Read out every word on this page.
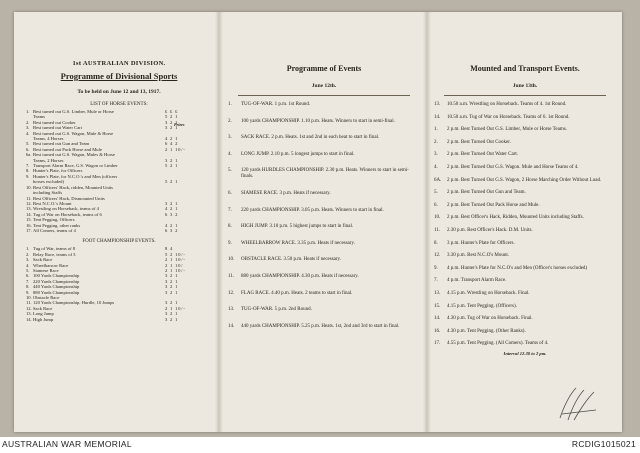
1st AUSTRALIAN DIVISION.
Programme of Divisional Sports
To be held on June 12 and 13, 1917.
LIST OF HORSE EVENTS:
Prizes
1. Best turned out G.S. Limber, Mule or Horse	£ £ £
Teams	5 2 1
2. Best turned out Cooker	3 2 1
3. Best turned out Water Cart	3 2 1
4. Best turned out G.S. Wagon, Mule & Horse
Teams, 4 Horses	4 2 1
5. Best turned out Gun and Team	6 4 2
6. Best turned out Pack Horse and Mule	2 1 10/-
6a. Best turned out G.S. Wagon, Mules & Horse
Teams, 2 Horses	3 2 1
7. Transport Alarm Race, G.S. Wagon or Limber	5 2 1
8. Hunter's Plate, for Officers
9. Hunter's Plate, for N.C.O.'s and Men (officers
horses excluded)	5 2 1
10. Best Officers' Hack, ridden, Mounted Units
including Staffs
11. Best Officers' Hack, Dismounted Units
12. Best N.C.O.'s Mount	3 2 1
13. Wrestling on Horseback, teams of 4	4 2 1
14. Tug of War on Horseback, teams of 6	6 3 2
15. Tent Pegging, Officers
16. Tent Pegging, other ranks	4 2 1
17. All Comers, teams of 4	6 3 2
FOOT CHAMPIONSHIP EVENTS.
1. Tug of War, teams of 8	8 4
2. Relay Race, teams of 3	5 2 10/-
3. Sack Race	2 1 10/-
4. Wheelbarrow Race	2 1 10/
5. Siamese Race	2 1 10/-
6. 100 Yards Championship	3 2 1
7. 220 Yards Championship	3 2 1
8. 440 Yards Championship	3 2 1
9. 880 Yards Championship	3 2 1
10. Obstacle Race
11. 120 Yards Championship, Hurdle, 10 Jumps	3 2 1
12. Sack Race	2 1 10/-
13. Long Jump	3 2 1
14. High Jump	3 2 1
Programme of Events
June 12th.
1.	TUG-OF-WAR. 1 p.m. 1st Round.
2.	100 yards CHAMPIONSHIP. 1.10 p.m. Heats. Winners to start in semi-final.
3.	SACK RACE. 2 p.m. Heats. 1st and 2nd in each heat to start in final.
4.	LONG JUMP. 2.10 p.m. 5 longest jumps to start in final.
5.	120 yards HURDLES CHAMPIONSHIP. 2.30 p.m. Heats. Winners to start in semi-finals.
6.	SIAMESE RACE. 3 p.m. Heats if necessary.
7.	220 yards CHAMPIONSHIP. 3.05 p.m. Heats. Winners to start in final.
8.	HIGH JUMP. 3.10 p.m. 5 highest jumps to start in final.
9.	WHEELBARROW RACE. 3.35 p.m. Heats if necessary.
10.	OBSTACLE RACE. 3.50 p.m. Heats if necessary.
11.	880 yards CHAMPIONSHIP. 4.30 p.m. Heats if necessary.
12.	FLAG RACE. 4.40 p.m. Heats. 2 teams to start in final.
13.	TUG-OF-WAR. 5 p.m. 2nd Round.
14.	440 yards CHAMPIONSHIP. 5.25 p.m. Heats. 1st, 2nd and 3rd to start in final.
Mounted and Transport Events.
June 13th.
13.	10.50 a.m. Wrestling on Horseback. Teams of 4. 1st Round.
14.	10.50 a.m. Tug of War on Horseback. Teams of 6. 1st Round.
1.	2 p.m. Best Turned Out G.S. Limber, Mule or Horse Teams.
2.	2 p.m. Best Turned Out Cooker.
3.	2 p.m. Best Turned Out Water Cart.
4.	2 p.m. Best Turned Out G.S. Wagon. Mule and Horse Teams of 4.
6A.	2 p.m. Best Turned Out G.S. Wagon, 2 Horse Marching Order Without Load.
5.	2 p.m. Best Turned Out Gun and Team.
6.	2 p.m. Best Turned Out Pack Horse and Mule.
10.	2 p.m. Best Officer's Hack, Ridden, Mounted Units including Staffs.
11.	2.30 p.m. Best Officer's Hack. D.M. Units.
8.	3 p.m. Hunter's Plate for Officers.
12.	3.30 p.m. Best N.C.O's Mount.
9.	4 p.m. Hunter's Plate for N.C.O's and Men (Officer's horses excluded)
7.	4 p.m. Transport Alarm Race.
13.	4.15 p.m. Wrestling on Horseback. Final.
15.	4.15 p.m. Tent Pegging. (Officers).
14.	4.30 p.m. Tug of War on Horseback. Final.
16.	4.30 p.m. Tent Pegging. (Other Ranks).
17.	4.55 p.m. Tent Pegging. (All Comers). Teams of 4.
Interval 12.30 to 2 pm.
AUSTRALIAN WAR MEMORIAL	RCDIG1015021
